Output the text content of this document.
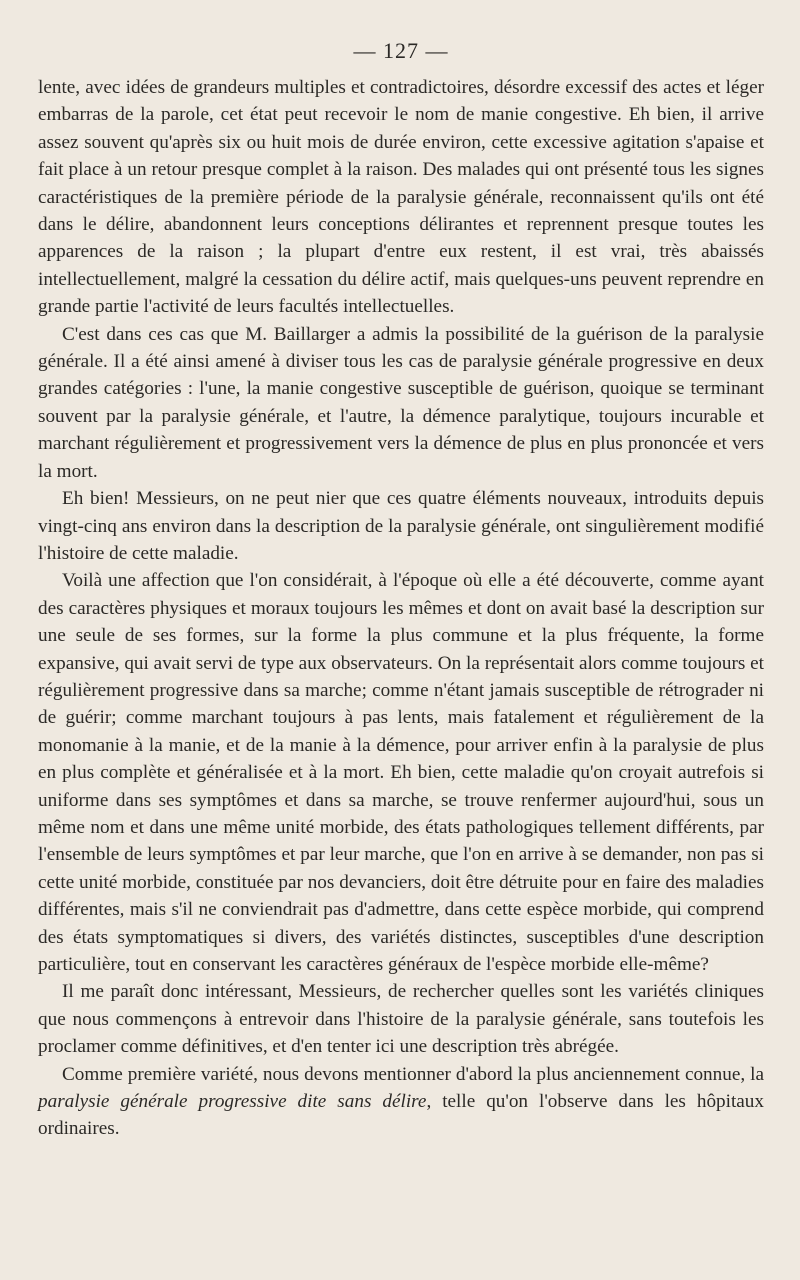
— 127 —

lente, avec idées de grandeurs multiples et contradictoires, désordre excessif des actes et léger embarras de la parole, cet état peut recevoir le nom de manie congestive. Eh bien, il arrive assez souvent qu'après six ou huit mois de durée environ, cette excessive agitation s'apaise et fait place à un retour presque complet à la raison. Des malades qui ont présenté tous les signes caractéristiques de la première période de la paralysie générale, reconnaissent qu'ils ont été dans le délire, abandonnent leurs conceptions délirantes et reprennent presque toutes les apparences de la raison ; la plupart d'entre eux restent, il est vrai, très abaissés intellectuellement, malgré la cessation du délire actif, mais quelques-uns peuvent reprendre en grande partie l'activité de leurs facultés intellectuelles.

C'est dans ces cas que M. Baillarger a admis la possibilité de la guérison de la paralysie générale. Il a été ainsi amené à diviser tous les cas de paralysie générale progressive en deux grandes catégories : l'une, la manie congestive susceptible de guérison, quoique se terminant souvent par la paralysie générale, et l'autre, la démence paralytique, toujours incurable et marchant régulièrement et progressivement vers la démence de plus en plus prononcée et vers la mort.

Eh bien! Messieurs, on ne peut nier que ces quatre éléments nouveaux, introduits depuis vingt-cinq ans environ dans la description de la paralysie générale, ont singulièrement modifié l'histoire de cette maladie.

Voilà une affection que l'on considérait, à l'époque où elle a été découverte, comme ayant des caractères physiques et moraux toujours les mêmes et dont on avait basé la description sur une seule de ses formes, sur la forme la plus commune et la plus fréquente, la forme expansive, qui avait servi de type aux observateurs. On la représentait alors comme toujours et régulièrement progressive dans sa marche; comme n'étant jamais susceptible de rétrograder ni de guérir; comme marchant toujours à pas lents, mais fatalement et régulièrement de la monomanie à la manie, et de la manie à la démence, pour arriver enfin à la paralysie de plus en plus complète et généralisée et à la mort. Eh bien, cette maladie qu'on croyait autrefois si uniforme dans ses symptômes et dans sa marche, se trouve renfermer aujourd'hui, sous un même nom et dans une même unité morbide, des états pathologiques tellement différents, par l'ensemble de leurs symptômes et par leur marche, que l'on en arrive à se demander, non pas si cette unité morbide, constituée par nos devanciers, doit être détruite pour en faire des maladies différentes, mais s'il ne conviendrait pas d'admettre, dans cette espèce morbide, qui comprend des états symptomatiques si divers, des variétés distinctes, susceptibles d'une description particulière, tout en conservant les caractères généraux de l'espèce morbide elle-même?

Il me paraît donc intéressant, Messieurs, de rechercher quelles sont les variétés cliniques que nous commençons à entrevoir dans l'histoire de la paralysie générale, sans toutefois les proclamer comme définitives, et d'en tenter ici une description très abrégée.

Comme première variété, nous devons mentionner d'abord la plus anciennement connue, la paralysie générale progressive dite sans délire, telle qu'on l'observe dans les hôpitaux ordinaires.
